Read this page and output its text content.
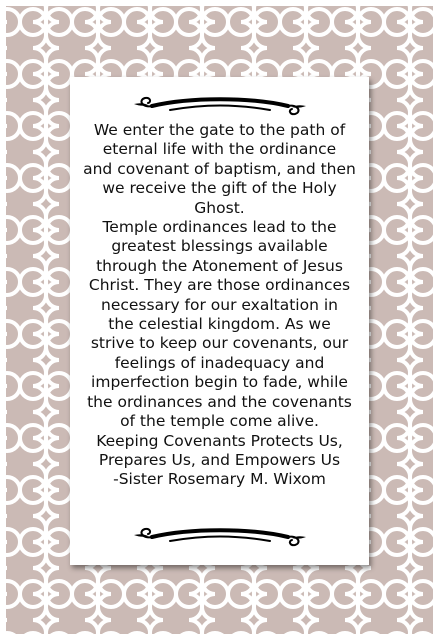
We enter the gate to the path of
eternal life with the ordinance
and covenant of baptism, and then
we receive the gift of the Holy
Ghost.
Temple ordinances lead to the
greatest blessings available
through the Atonement of Jesus
Christ. They are those ordinances
necessary for our exaltation in
the celestial kingdom. As we
strive to keep our covenants, our
feelings of inadequacy and
imperfection begin to fade, while
the ordinances and the covenants
of the temple come alive.
Keeping Covenants Protects Us,
Prepares Us, and Empowers Us
-Sister Rosemary M. Wixom
